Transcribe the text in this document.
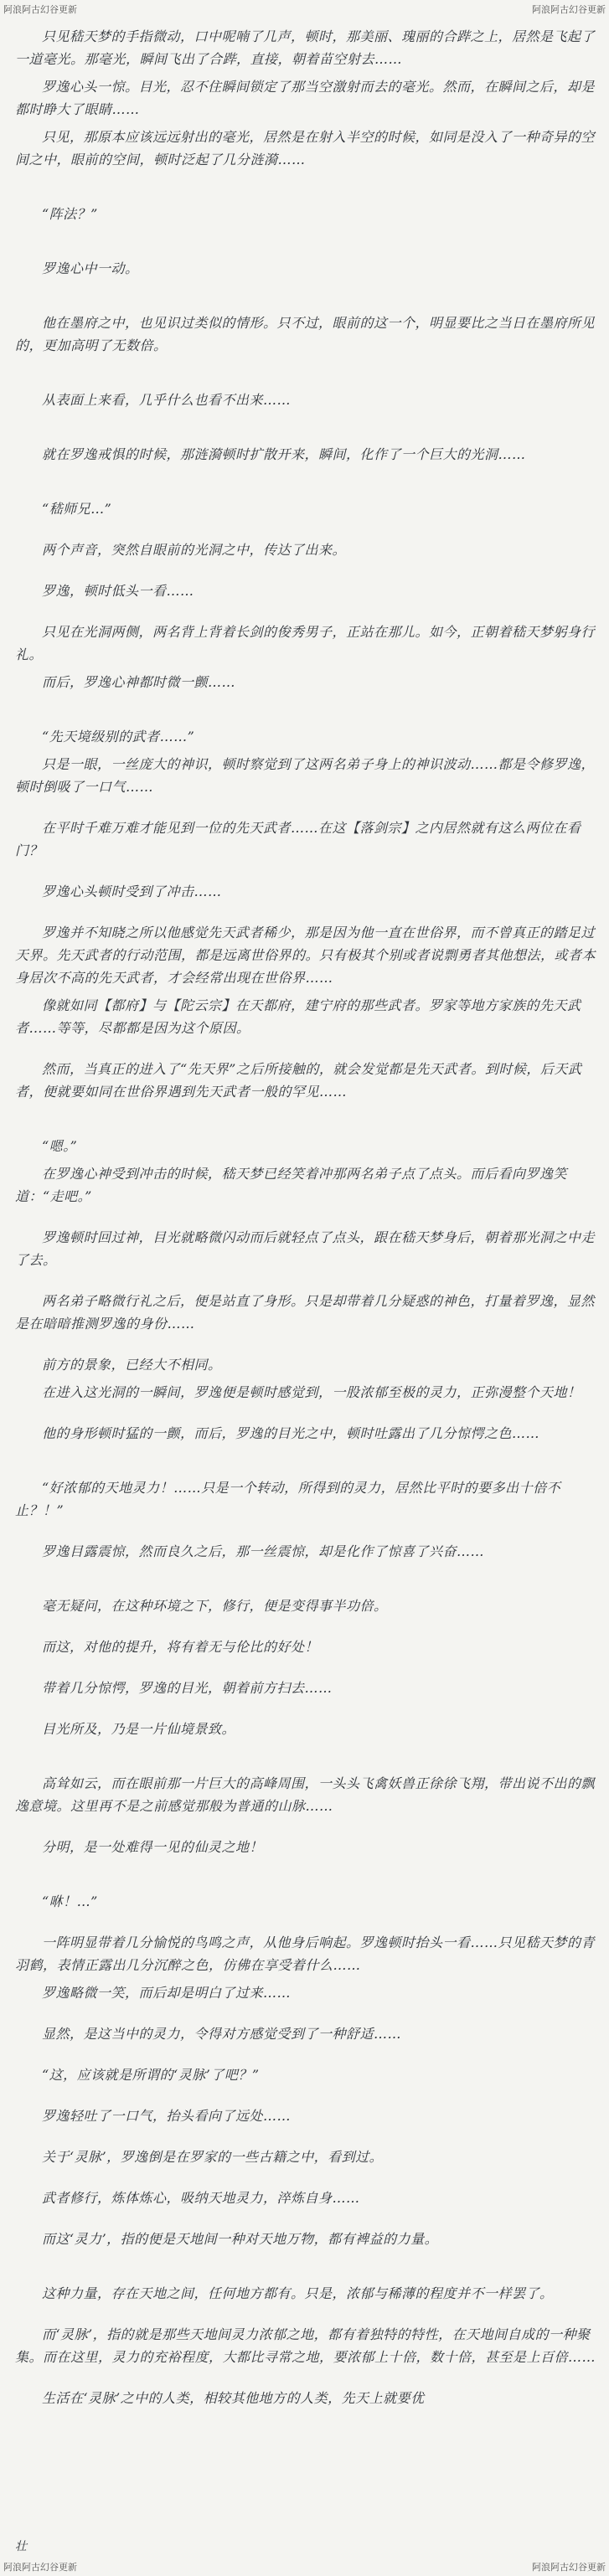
阿浪阿古幻谷更新	阿浪阿古幻谷更新

只见嵇天梦的手指微动，口中呢喃了几声，顿时，那美丽、瑰丽的合跸之上，居然是飞起了一道毫光。那毫光，瞬间飞出了合跸，直接，朝着苗空射去……

罗逸心头一惊。目光，忍不住瞬间锁定了那当空激射而去的毫光。然而，在瞬间之后，却是都时睁大了眼睛……

只见，那原本应该远远射出的毫光，居然是在射入半空的时候，如同是没入了一种奇异的空间之中，眼前的空间，顿时泛起了几分涟漪……

“阵法？”

罗逸心中一动。

他在墨府之中，也见识过类似的情形。只不过，眼前的这一个，明显要比之当日在墨府所见的，更加高明了无数倍。

从表面上来看，几乎什么也看不出来……

就在罗逸戒惧的时候，那涟漪顿时扩散开来，瞬间，化作了一个巨大的光洞……

“嵇师兄…”

两个声音，突然自眼前的光洞之中，传达了出来。

罗逸，顿时低头一看……

只见在光洞两侧，两名背上背着长剑的俊秀男子，正站在那儿。如今，正朝着嵇天梦躬身行礼。

而后，罗逸心神都时微一颤……

“先天境级别的武者……”

只是一眼，一丝庞大的神识，顿时察觉到了这两名弟子身上的神识波动……都是令修罗逸，顿时倒吸了一口气……

在平时千难万难才能见到一位的先天武者……在这【落剑宗】之内居然就有这么两位在看门？

罗逸心头顿时受到了冲击……

罗逸并不知晓之所以他感觉先天武者稀少，那是因为他一直在世俗界，而不曾真正的踏足过天界。先天武者的行动范围，都是远离世俗界的。只有极其个别或者说剽勇者其他想法，或者本身居次不高的先天武者，才会经常出现在世俗界……

像就如同【都府】与【陀云宗】在天都府，建宁府的那些武者。罗家等地方家族的先天武者……等等，尽都都是因为这个原因。

然而，当真正的进入了“先天界”之后所接触的，就会发觉都是先天武者。到时候，后天武者，便就要如同在世俗界遇到先天武者一般的罕见……

“嗯。”

在罗逸心神受到冲击的时候，嵇天梦已经笑着冲那两名弟子点了点头。而后看向罗逸笑道：“走吧。”

罗逸顿时回过神，目光就略微闪动而后就轻点了点头，跟在嵇天梦身后，朝着那光洞之中走了去。

两名弟子略微行礼之后，便是站直了身形。只是却带着几分疑惑的神色，打量着罗逸，显然是在暗暗推测罗逸的身份……

前方的景象，已经大不相同。

在进入这光洞的一瞬间，罗逸便是顿时感觉到，一股浓郁至极的灵力，正弥漫整个天地！

他的身形顿时猛的一颤，而后，罗逸的目光之中，顿时吐露出了几分惊愕之色……

“好浓郁的天地灵力！……只是一个转动，所得到的灵力，居然比平时的要多出十倍不止？！”

罗逸目露震惊，然而良久之后，那一丝震惊，却是化作了惊喜了兴奋……

毫无疑问，在这种环境之下，修行，便是变得事半功倍。

而这，对他的提升，将有着无与伦比的好处！

带着几分惊愕，罗逸的目光，朝着前方扫去……

目光所及，乃是一片仙境景致。

高耸如云，而在眼前那一片巨大的高峰周围，一头头飞禽妖兽正徐徐飞翔，带出说不出的飘逸意境。这里再不是之前感觉那般为普通的山脉……

分明，是一处难得一见的仙灵之地！

“咻！…”

一阵明显带着几分愉悦的鸟鸣之声，从他身后响起。罗逸顿时抬头一看……只见嵇天梦的青羽鹤，表情正露出几分沉醉之色，仿佛在享受着什么……

罗逸略微一笑，而后却是明白了过来……

显然，是这当中的灵力，令得对方感觉受到了一种舒适……

“这，应该就是所谓的‘灵脉’了吧？”

罗逸轻吐了一口气，抬头看向了远处……

关于‘灵脉’，罗逸倒是在罗家的一些古籍之中，看到过。

武者修行，炼体炼心，吸纳天地灵力，淬炼自身……

而这‘灵力’，指的便是天地间一种对天地万物，都有裨益的力量。

这种力量，存在天地之间，任何地方都有。只是，浓郁与稀薄的程度并不一样罢了。

而‘灵脉’，指的就是那些天地间灵力浓郁之地，都有着独特的特性，在天地间自成的一种聚集。而在这里，灵力的充裕程度，大都比寻常之地，要浓郁上十倍，数十倍，甚至是上百倍……

生活在‘灵脉’之中的人类，相较其他地方的人类，先天上就要优

壮
阿浪阿古幻谷更新	阿浪阿古幻谷更新
